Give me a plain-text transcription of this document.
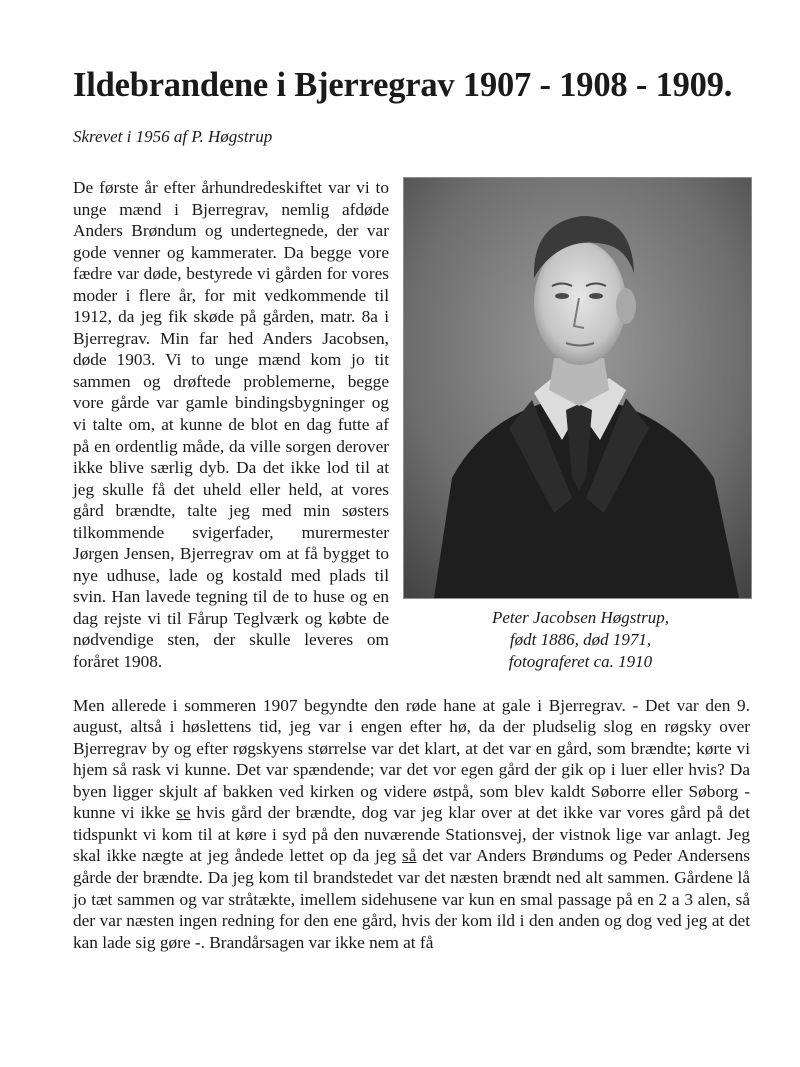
Ildebrandene i Bjerregrav 1907 - 1908 - 1909.

Skrevet i 1956 af P. Høgstrup

Peter Jacobsen Høgstrup,
født 1886, død 1971,
fotograferet ca. 1910

De første år efter århundredeskiftet var vi to unge mænd i Bjerregrav, nemlig afdøde Anders Brøndum og undertegnede, der var gode venner og kammerater. Da begge vore fædre var døde, bestyrede vi gården for vores moder i flere år, for mit vedkommende til 1912, da jeg fik skøde på gården, matr. 8a i Bjerregrav. Min far hed Anders Jacobsen, døde 1903. Vi to unge mænd kom jo tit sammen og drøftede problemerne, begge vore gårde var gamle bindingsbygninger og vi talte om, at kunne de blot en dag futte af på en ordentlig måde, da ville sorgen derover ikke blive særlig dyb. Da det ikke lod til at jeg skulle få det uheld eller held, at vores gård brændte, talte jeg med min søsters tilkommende svigerfader, murermester Jørgen Jensen, Bjerregrav om at få bygget to nye udhuse, lade og kostald med plads til svin. Han lavede tegning til de to huse og en dag rejste vi til Fårup Teglværk og købte de nødvendige sten, der skulle leveres om foråret 1908.

Men allerede i sommeren 1907 begyndte den røde hane at gale i Bjerregrav. - Det var den 9. august, altså i høslettens tid, jeg var i engen efter hø, da der pludselig slog en røgsky over Bjerregrav by og efter røgskyens størrelse var det klart, at det var en gård, som brændte; kørte vi hjem så rask vi kunne. Det var spændende; var det vor egen gård der gik op i luer eller hvis? Da byen ligger skjult af bakken ved kirken og videre østpå, som blev kaldt Søborre eller Søborg - kunne vi ikke se hvis gård der brændte, dog var jeg klar over at det ikke var vores gård på det tidspunkt vi kom til at køre i syd på den nuværende Stationsvej, der vistnok lige var anlagt. Jeg skal ikke nægte at jeg åndede lettet op da jeg så det var Anders Brøndums og Peder Andersens gårde der brændte. Da jeg kom til brandstedet var det næsten brændt ned alt sammen. Gårdene lå jo tæt sammen og var stråtækte, imellem sidehusene var kun en smal passage på en 2 a 3 alen, så der var næsten ingen redning for den ene gård, hvis der kom ild i den anden og dog ved jeg at det kan lade sig gøre -. Brandårsagen var ikke nem at få
